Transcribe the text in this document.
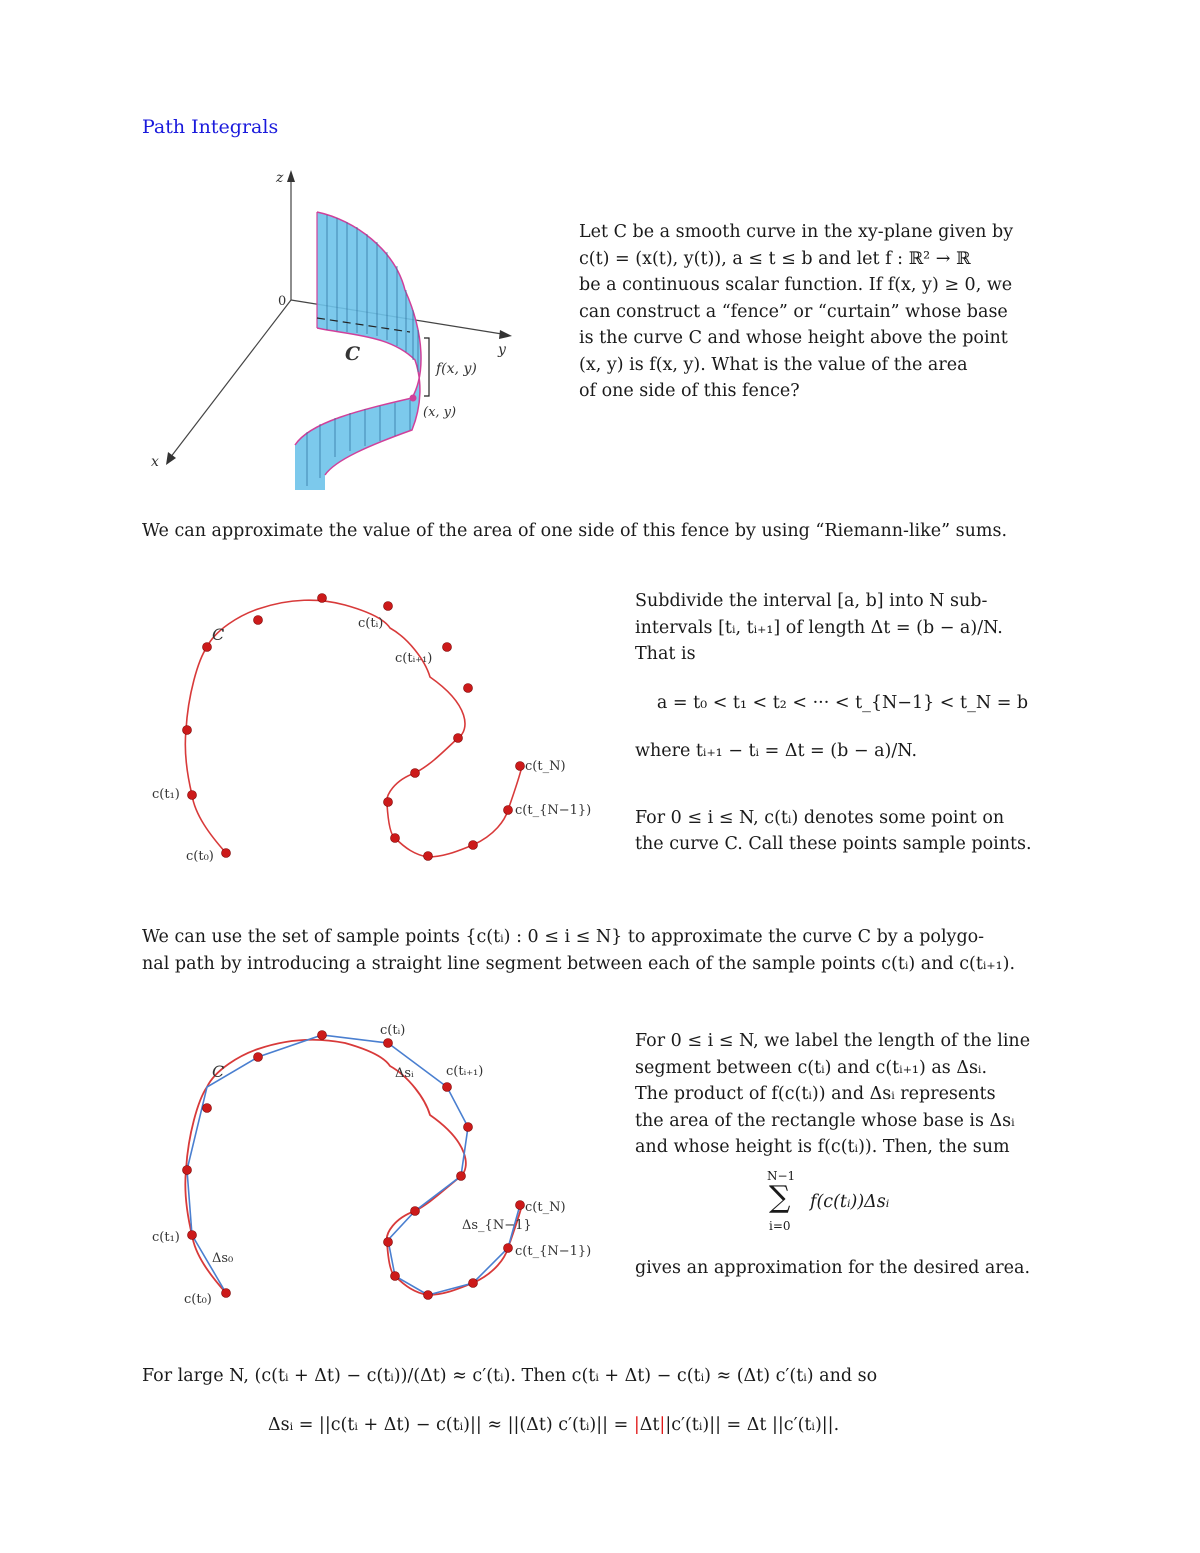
Path Integrals
z
y
x
0
C
f(x, y)
(x, y)
Let C be a smooth curve in the xy-plane given by
c(t) = (x(t), y(t)), a ≤ t ≤ b and let f : ℝ² → ℝ
be a continuous scalar function. If f(x, y) ≥ 0, we
can construct a “fence” or “curtain” whose base
is the curve C and whose height above the point
(x, y) is f(x, y). What is the value of the area
of one side of this fence?
We can approximate the value of the area of one side of this fence by using “Riemann-like” sums.
C
c(tᵢ)
c(tᵢ₊₁)
c(t_N)
c(t_{N−1})
c(t₁)
c(t₀)
Subdivide the interval [a, b] into N sub-
intervals [tᵢ, tᵢ₊₁] of length Δt = (b − a)/N.
That is
a = t₀ < t₁ < t₂ < ··· < t_{N−1} < t_N = b
where tᵢ₊₁ − tᵢ = Δt = (b − a)/N.
For 0 ≤ i ≤ N, c(tᵢ) denotes some point on
the curve C. Call these points sample points.
We can use the set of sample points {c(tᵢ) : 0 ≤ i ≤ N} to approximate the curve C by a polygo-
nal path by introducing a straight line segment between each of the sample points c(tᵢ) and c(tᵢ₊₁).
C
c(tᵢ)
c(tᵢ₊₁)
Δsᵢ
c(t_N)
Δs_{N−1}
c(t_{N−1})
c(t₁)
Δs₀
c(t₀)
For 0 ≤ i ≤ N, we label the length of the line
segment between c(tᵢ) and c(tᵢ₊₁) as Δsᵢ.
The product of f(c(tᵢ)) and Δsᵢ represents
the area of the rectangle whose base is Δsᵢ
and whose height is f(c(tᵢ)). Then, the sum
N−1
∑ f(c(tᵢ))Δsᵢ
i=0
gives an approximation for the desired area.
For large N, (c(tᵢ + Δt) − c(tᵢ))/(Δt) ≈ c′(tᵢ). Then c(tᵢ + Δt) − c(tᵢ) ≈ (Δt) c′(tᵢ) and so
Δsᵢ = ||c(tᵢ + Δt) − c(tᵢ)|| ≈ ||(Δt) c′(tᵢ)|| = |Δt||c′(tᵢ)|| = Δt ||c′(tᵢ)||.
